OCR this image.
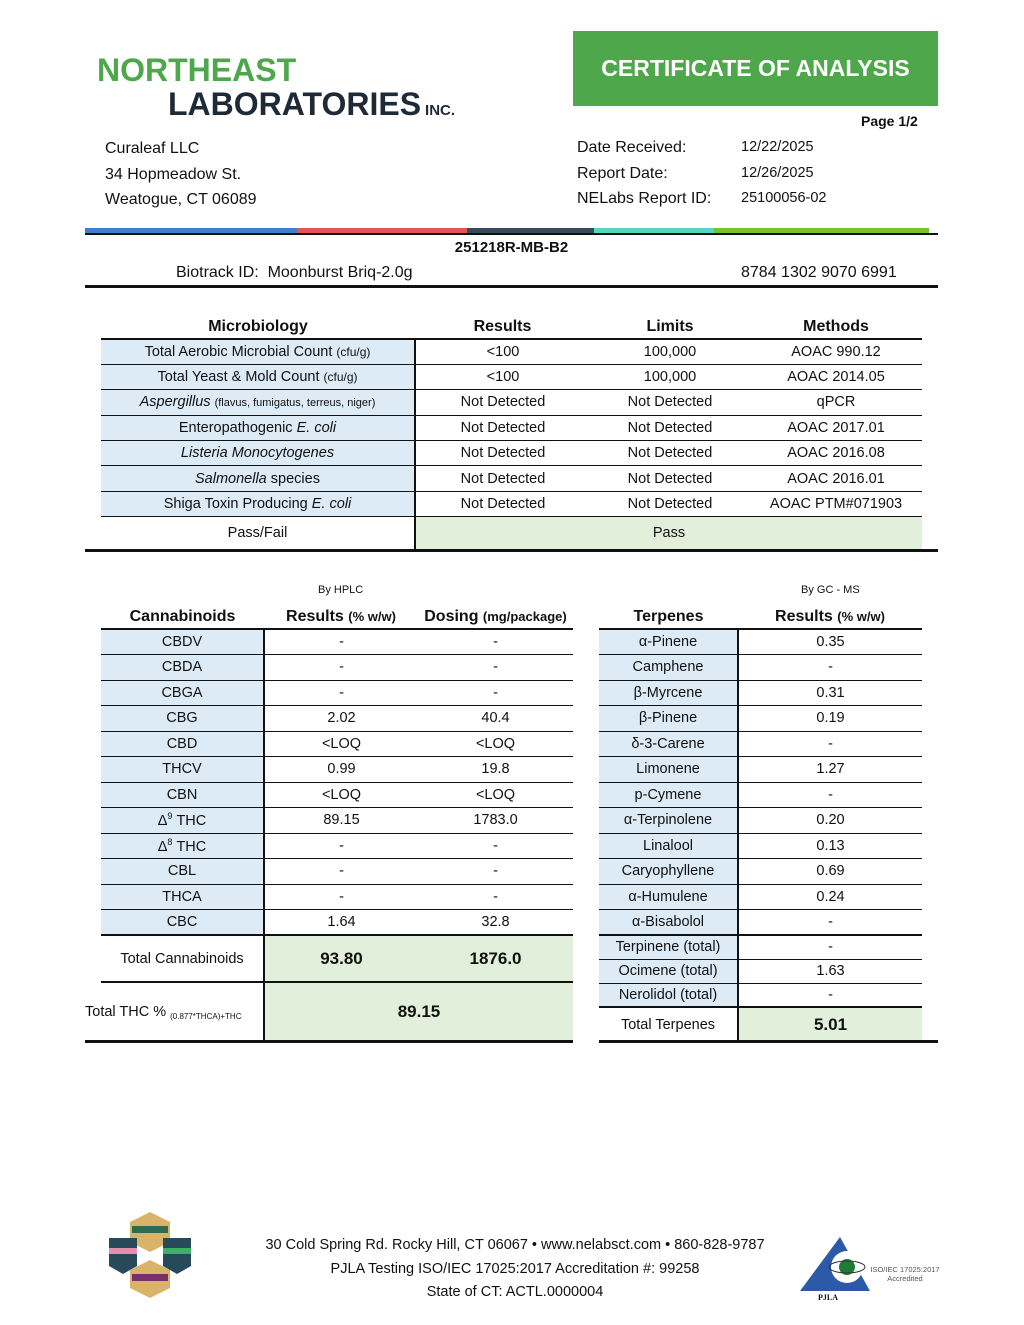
NORTHEAST
LABORATORIES INC.
CERTIFICATE OF ANALYSIS
Page 1/2
Curaleaf LLC
34 Hopmeadow St.
Weatogue, CT 06089
Date Received:	12/22/2025
Report Date:	12/26/2025
NELabs Report ID:	25100056-02
251218R-MB-B2
Biotrack ID: Moonburst Briq-2.0g	8784 1302 9070 6991
Microbiology	Results	Limits	Methods
Total Aerobic Microbial Count (cfu/g)	<100	100,000	AOAC 990.12
Total Yeast & Mold Count (cfu/g)	<100	100,000	AOAC 2014.05
Aspergillus (flavus, fumigatus, terreus, niger)	Not Detected	Not Detected	qPCR
Enteropathogenic E. coli	Not Detected	Not Detected	AOAC 2017.01
Listeria Monocytogenes	Not Detected	Not Detected	AOAC 2016.08
Salmonella species	Not Detected	Not Detected	AOAC 2016.01
Shiga Toxin Producing E. coli	Not Detected	Not Detected	AOAC PTM#071903
Pass/Fail	Pass		
By HPLC	By GC - MS
Cannabinoids	Results (% w/w)	Dosing (mg/package)
CBDV	-	-
CBDA	-	-
CBGA	-	-
CBG	2.02	40.4
CBD	<LOQ	<LOQ
THCV	0.99	19.8
CBN	<LOQ	<LOQ
$\Delta^9$ THC	89.15	1783.0
$\Delta^8$ THC	-	-
CBL	-	-
THCA	-	-
CBC	1.64	32.8
Total Cannabinoids	93.80	1876.0
Total THC % $_{(0.877*THCA)+THC}$	89.15
Terpenes	Results (% w/w)
α-Pinene	0.35
Camphene	-
β-Myrcene	0.31
β-Pinene	0.19
δ-3-Carene	-
Limonene	1.27
p-Cymene	-
α-Terpinolene	0.20
Linalool	0.13
Caryophyllene	0.69
α-Humulene	0.24
α-Bisabolol	-
Terpinene (total)	-
Ocimene (total)	1.63
Nerolidol (total)	-
Total Terpenes	5.01
30 Cold Spring Rd. Rocky Hill, CT 06067 • www.nelabsct.com • 860-828-9787
PJLA Testing ISO/IEC 17025:2017 Accreditation #: 99258
State of CT: ACTL.0000004
ISO/IEC 17025:2017 Accredited
PJLA
